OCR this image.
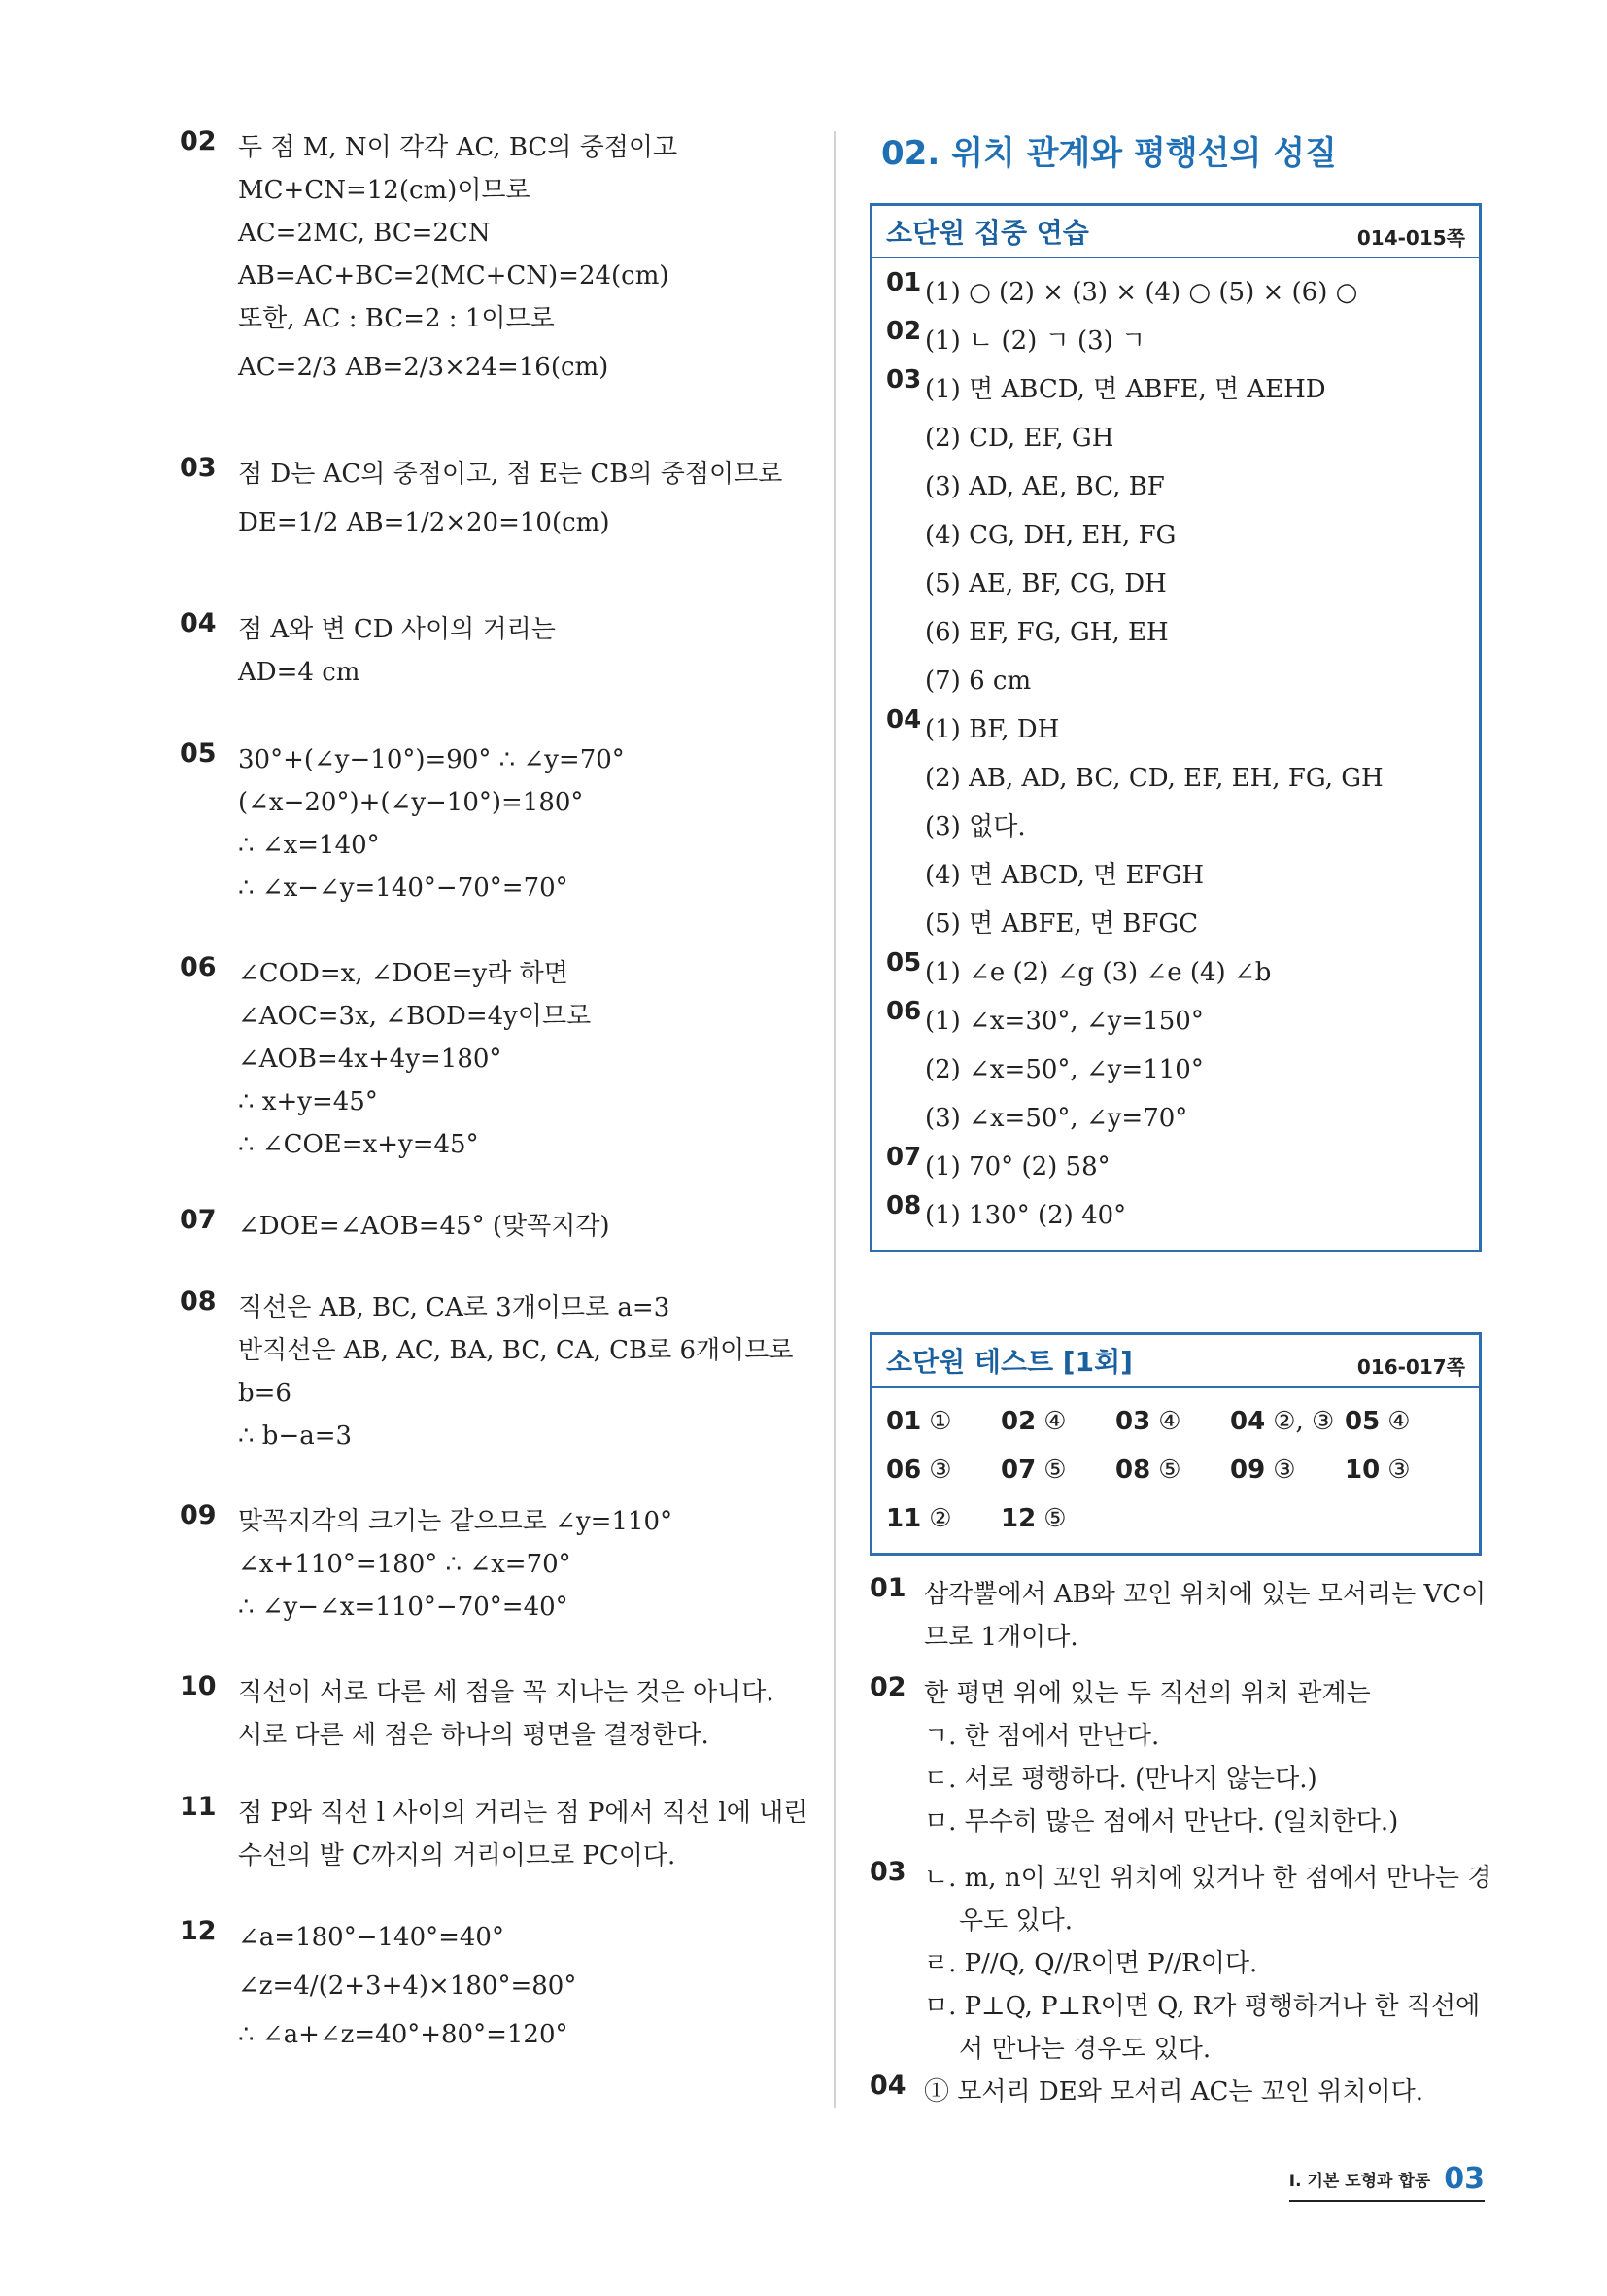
02 두 점 M, N이 각각 AC, BC의 중점이고
MC+CN=12(cm)이므로
AC=2MC, BC=2CN
AB=AC+BC=2(MC+CN)=24(cm)
또한, AC : BC=2 : 1이므로
AC=2/3 AB=2/3×24=16(cm)
03 점 D는 AC의 중점이고, 점 E는 CB의 중점이므로
DE=1/2 AB=1/2×20=10(cm)
04 점 A와 변 CD 사이의 거리는
AD=4 cm
05 30°+(∠y−10°)=90° ∴ ∠y=70°
(∠x−20°)+(∠y−10°)=180°
∴ ∠x=140°
∴ ∠x−∠y=140°−70°=70°
06 ∠COD=x, ∠DOE=y라 하면
∠AOC=3x, ∠BOD=4y이므로
∠AOB=4x+4y=180°
∴ x+y=45°
∴ ∠COE=x+y=45°
07 ∠DOE=∠AOB=45° (맞꼭지각)
08 직선은 AB, BC, CA로 3개이므로 a=3
반직선은 AB, AC, BA, BC, CA, CB로 6개이므로
b=6
∴ b−a=3
09 맞꼭지각의 크기는 같으므로 ∠y=110°
∠x+110°=180° ∴ ∠x=70°
∴ ∠y−∠x=110°−70°=40°
10 직선이 서로 다른 세 점을 꼭 지나는 것은 아니다.
서로 다른 세 점은 하나의 평면을 결정한다.
11 점 P와 직선 l 사이의 거리는 점 P에서 직선 l에 내린
수선의 발 C까지의 거리이므로 PC이다.
12 ∠a=180°−140°=40°
∠z=4/(2+3+4)×180°=80°
∴ ∠a+∠z=40°+80°=120°
02. 위치 관계와 평행선의 성질
소단원 집중 연습	014-015쪽
01 (1) ○ (2) × (3) × (4) ○ (5) × (6) ○
02 (1) ㄴ (2) ㄱ (3) ㄱ
03 (1) 면 ABCD, 면 ABFE, 면 AEHD
(2) CD, EF, GH
(3) AD, AE, BC, BF
(4) CG, DH, EH, FG
(5) AE, BF, CG, DH
(6) EF, FG, GH, EH
(7) 6 cm
04 (1) BF, DH
(2) AB, AD, BC, CD, EF, EH, FG, GH
(3) 없다.
(4) 면 ABCD, 면 EFGH
(5) 면 ABFE, 면 BFGC
05 (1) ∠e (2) ∠g (3) ∠e (4) ∠b
06 (1) ∠x=30°, ∠y=150°
(2) ∠x=50°, ∠y=110°
(3) ∠x=50°, ∠y=70°
07 (1) 70° (2) 58°
08 (1) 130° (2) 40°
소단원 테스트 [1회]	016-017쪽
01 ①	02 ④	03 ④	04 ②, ③ 05 ④
06 ③	07 ⑤	08 ⑤	09 ③	10 ③
11 ②	12 ⑤
01 삼각뿔에서 AB와 꼬인 위치에 있는 모서리는 VC이
므로 1개이다.
02 한 평면 위에 있는 두 직선의 위치 관계는
ㄱ. 한 점에서 만난다.
ㄷ. 서로 평행하다. (만나지 않는다.)
ㅁ. 무수히 많은 점에서 만난다. (일치한다.)
03 ㄴ. m, n이 꼬인 위치에 있거나 한 점에서 만나는 경
우도 있다.
ㄹ. P//Q, Q//R이면 P//R이다.
ㅁ. P⊥Q, P⊥R이면 Q, R가 평행하거나 한 직선에
서 만나는 경우도 있다.
04 ① 모서리 DE와 모서리 AC는 꼬인 위치이다.
Ⅰ. 기본 도형과 합동 03
